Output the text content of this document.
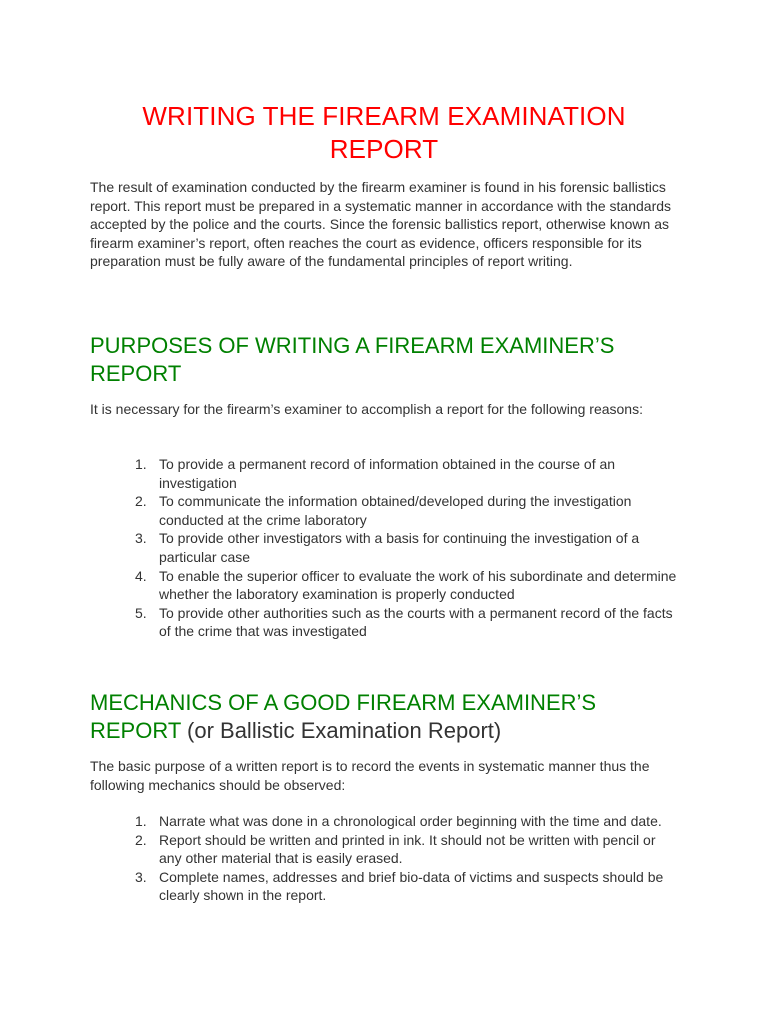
WRITING THE FIREARM EXAMINATION REPORT

The result of examination conducted by the firearm examiner is found in his forensic ballistics report. This report must be prepared in a systematic manner in accordance with the standards accepted by the police and the courts. Since the forensic ballistics report, otherwise known as firearm examiner’s report, often reaches the court as evidence, officers responsible for its preparation must be fully aware of the fundamental principles of report writing.

PURPOSES OF WRITING A FIREARM EXAMINER’S REPORT

It is necessary for the firearm’s examiner to accomplish a report for the following reasons:

1. To provide a permanent record of information obtained in the course of an investigation
2. To communicate the information obtained/developed during the investigation conducted at the crime laboratory
3. To provide other investigators with a basis for continuing the investigation of a particular case
4. To enable the superior officer to evaluate the work of his subordinate and determine whether the laboratory examination is properly conducted
5. To provide other authorities such as the courts with a permanent record of the facts of the crime that was investigated
MECHANICS OF A GOOD FIREARM EXAMINER’S REPORT (or Ballistic Examination Report)

The basic purpose of a written report is to record the events in systematic manner thus the following mechanics should be observed:

1. Narrate what was done in a chronological order beginning with the time and date.
2. Report should be written and printed in ink. It should not be written with pencil or any other material that is easily erased.
3. Complete names, addresses and brief bio-data of victims and suspects should be clearly shown in the report.
